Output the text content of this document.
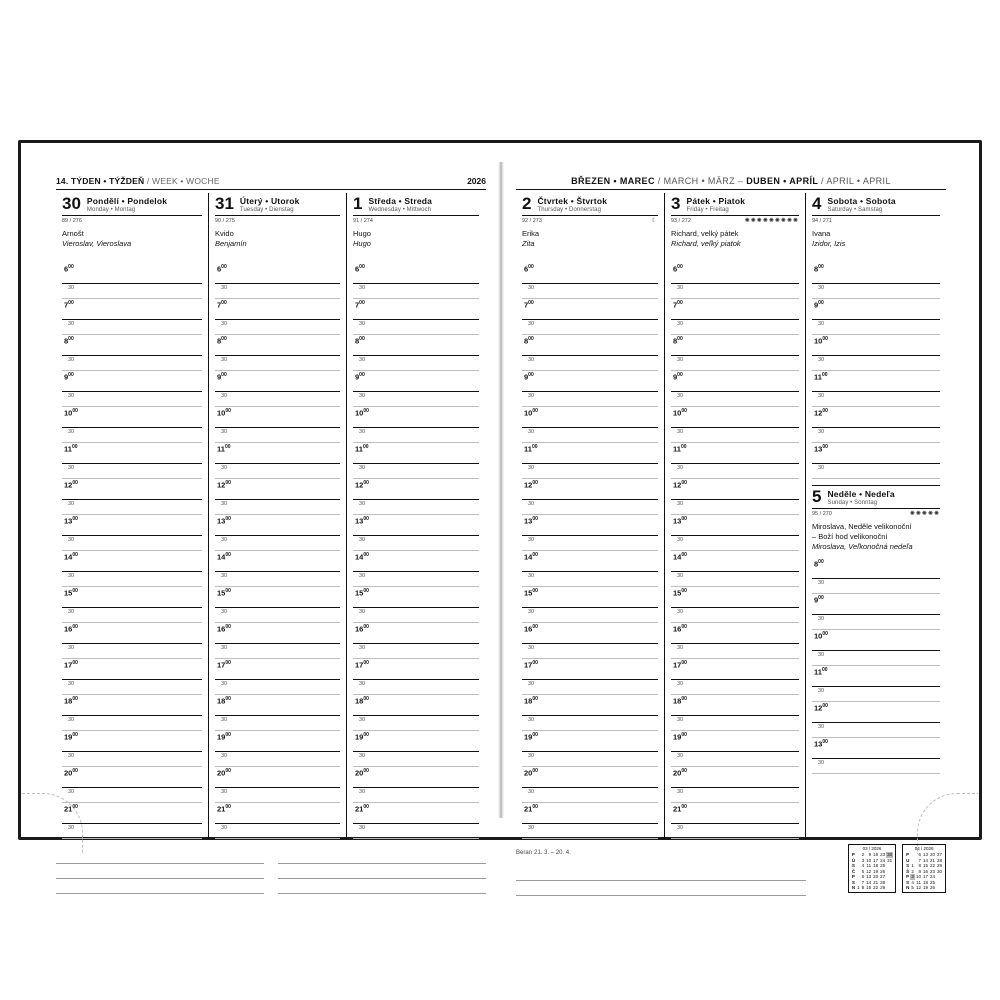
14. TÝDEN • TÝŽDEŇ / WEEK • WOCHE	2026
30 Pondělí • Pondelok
Monday • Montag
89 / 276
Arnošt
Vieroslav, Vieroslava
$6^{00}$
30
$7^{00}$
30
$8^{00}$
30
$9^{00}$
30
$10^{00}$
30
$11^{00}$
30
$12^{00}$
30
$13^{00}$
30
$14^{00}$
30
$15^{00}$
30
$16^{00}$
30
$17^{00}$
30
$18^{00}$
30
$19^{00}$
30
$20^{00}$
30
$21^{00}$
30
31 Úterý • Utorok
Tuesday • Dienstag
90 / 275
Kvido
Benjamín
$6^{00}$
30
$7^{00}$
30
$8^{00}$
30
$9^{00}$
30
$10^{00}$
30
$11^{00}$
30
$12^{00}$
30
$13^{00}$
30
$14^{00}$
30
$15^{00}$
30
$16^{00}$
30
$17^{00}$
30
$18^{00}$
30
$19^{00}$
30
$20^{00}$
30
$21^{00}$
30
1 Středa • Streda
Wednesday • Mittwoch
91 / 274
Hugo
Hugo
$6^{00}$
30
$7^{00}$
30
$8^{00}$
30
$9^{00}$
30
$10^{00}$
30
$11^{00}$
30
$12^{00}$
30
$13^{00}$
30
$14^{00}$
30
$15^{00}$
30
$16^{00}$
30
$17^{00}$
30
$18^{00}$
30
$19^{00}$
30
$20^{00}$
30
$21^{00}$
30
BŘEZEN • MAREC / MARCH • MÄRZ – DUBEN • APRÍL / APRIL • APRIL
2 Čtvrtek • Štvrtok
Thursday • Donnerstag
92 / 273	☾
Erika
Zita
$6^{00}$
30
$7^{00}$
30
$8^{00}$
30
$9^{00}$
30
$10^{00}$
30
$11^{00}$
30
$12^{00}$
30
$13^{00}$
30
$14^{00}$
30
$15^{00}$
30
$16^{00}$
30
$17^{00}$
30
$18^{00}$
30
$19^{00}$
30
$20^{00}$
30
$21^{00}$
30
3 Pátek • Piatok
Friday • Freitag
93 / 272	✺✺✺✺✺✺✺✺✺
Richard, velký pátek
Richard, veľký piatok
$6^{00}$
30
$7^{00}$
30
$8^{00}$
30
$9^{00}$
30
$10^{00}$
30
$11^{00}$
30
$12^{00}$
30
$13^{00}$
30
$14^{00}$
30
$15^{00}$
30
$16^{00}$
30
$17^{00}$
30
$18^{00}$
30
$19^{00}$
30
$20^{00}$
30
$21^{00}$
30
4 Sobota • Sobota
Saturday • Samstag
94 / 271
Ivana
Izidor, Izis
$8^{00}$
30
$9^{00}$
30
$10^{00}$
30
$11^{00}$
30
$12^{00}$
30
$13^{00}$
30
5 Neděle • Nedeľa
Sunday • Sonntag
95 / 270	✺✺✺✺✺
Miroslava, Neděle velikonoční
– Boží hod velikonoční
Miroslava, Veľkonočná nedeľa
$8^{00}$
30
$9^{00}$
30
$10^{00}$
30
$11^{00}$
30
$12^{00}$
30
$13^{00}$
30
Beran 21. 3. – 20. 4.
03 / 2026
P		2	9	16	23	30
Ú		3	10	17	24	31
S		4	11	18	25	
Č		5	12	19	26	
P		6	13	20	27	
S		7	14	21	28	
N	1	8	15	22	29	
04 / 2026
P		6	13	20	27
U		7	14	21	28
S	1	8	15	22	29
Š	2	9	16	23	30
P	3	10	17	24	
S	4	11	18	25	
N	5	12	19	26	
